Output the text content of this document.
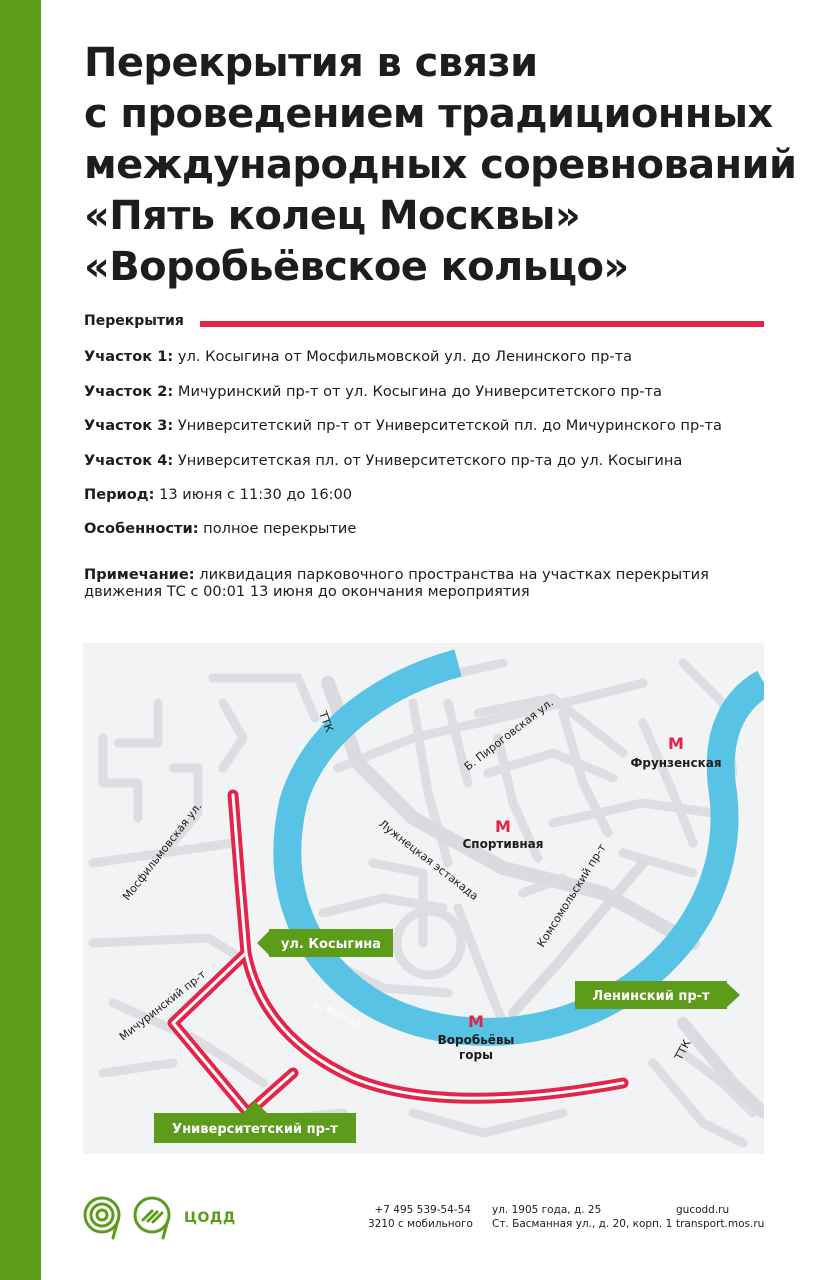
Перекрытия в связи
с проведением традиционных
международных соревнований
«Пять колец Москвы»
«Воробьёвское кольцо»
Перекрытия
Участок 1: ул. Косыгина от Мосфильмовской ул. до Ленинского пр-та
Участок 2: Мичуринский пр-т от ул. Косыгина до Университетского пр-та
Участок 3: Университетский пр-т от Университетской пл. до Мичуринского пр-та
Участок 4: Университетская пл. от Университетского пр-та до ул. Косыгина
Период: 13 июня с 11:30 до 16:00
Особенности: полное перекрытие
Примечание: ликвидация парковочного пространства на участках перекрытия
движения ТС с 00:01 13 июня до окончания мероприятия
ТТК	Б. Пироговская ул.
Лужнецкая эстакада	Комсомольский пр-т
Мосфильмовская ул.
Мичуринский пр-т
ТТК
р. Москва
М
Фрунзенская
М
Спортивная
М
Воробьёвы
горы
ул. Косыгина
Ленинский пр-т
Университетский пр-т
ЦОДД	+7 495 539-54-54
3210 с мобильного
ул. 1905 года, д. 25
Ст. Басманная ул., д. 20, корп. 1
gucodd.ru
transport.mos.ru
